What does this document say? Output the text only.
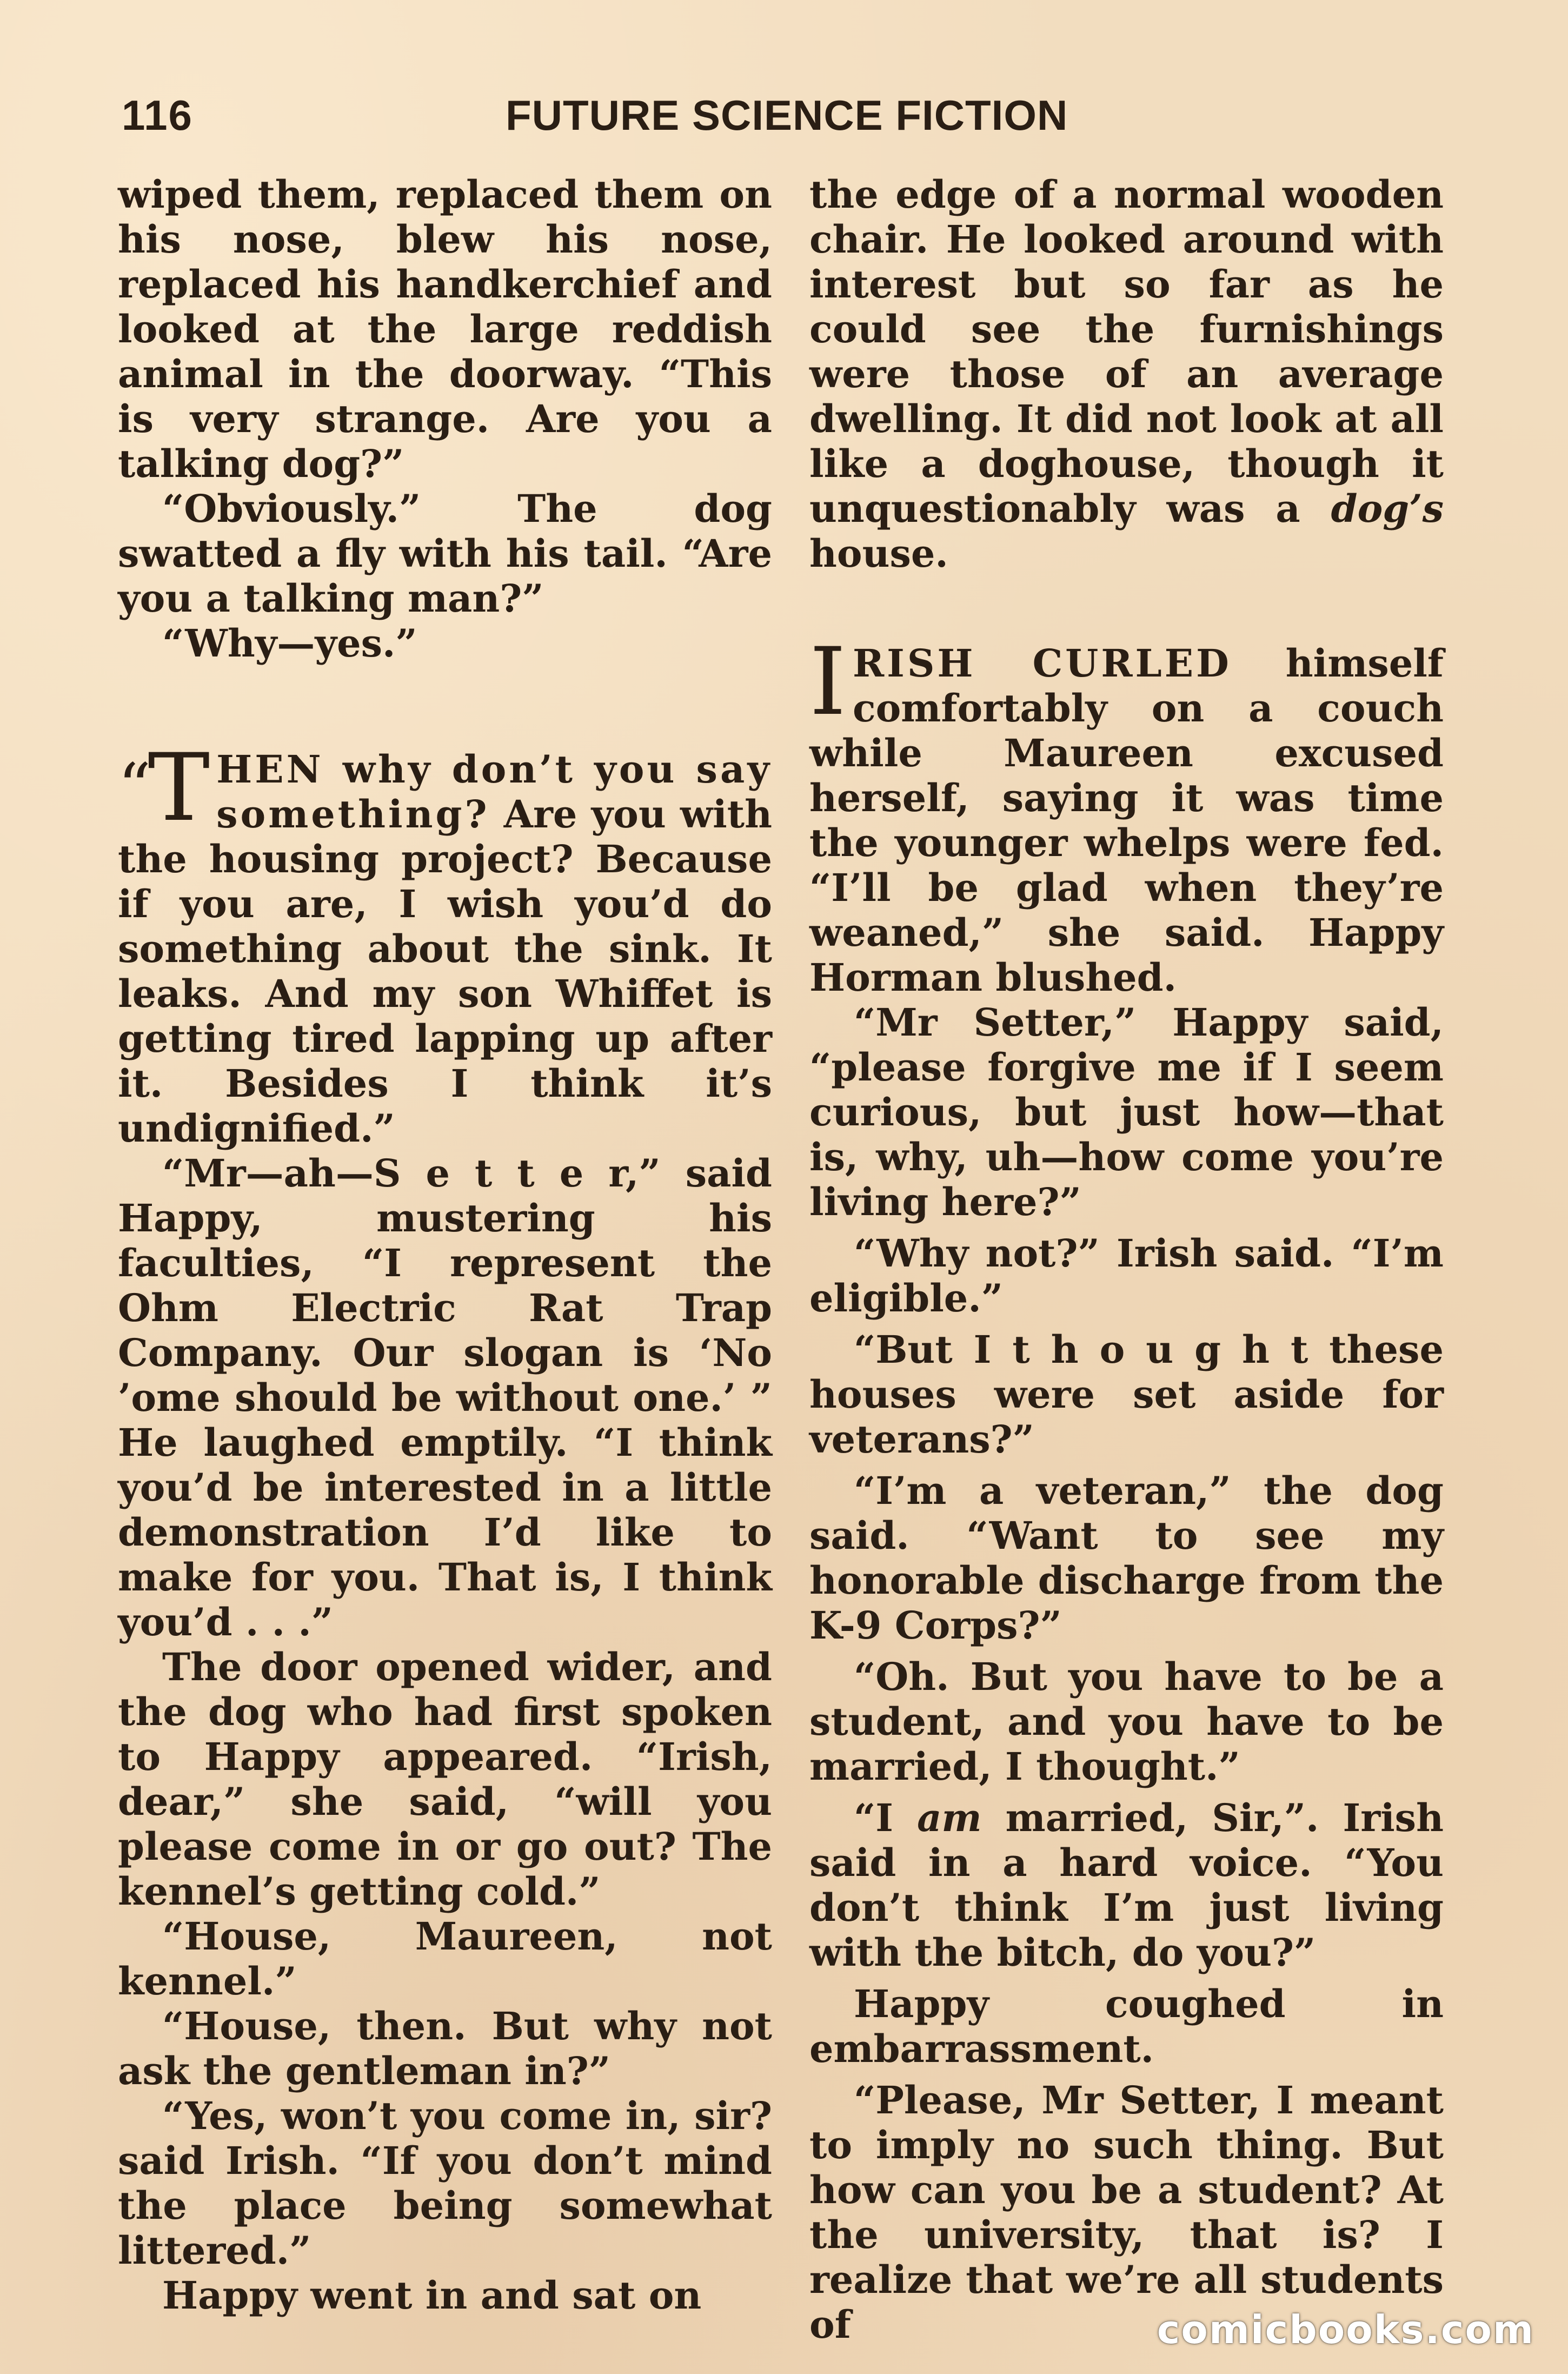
116	FUTURE SCIENCE FICTION

wiped them, replaced them on his nose, blew his nose, replaced his handkerchief and looked at the large reddish animal in the doorway. “This is very strange. Are you a talking dog?”

“Obviously.” The dog swatted a fly with his tail. “Are you a talking man?”

“Why—yes.”

“T HEN why don’t you say something? Are you with the housing project? Because if you are, I wish you’d do something about the sink. It leaks. And my son Whiffet is getting tired lapping up after it. Besides I think it’s undignified.”

“Mr—ah—S e t t e r,” said Happy, mustering his faculties, “I represent the Ohm Electric Rat Trap Company. Our slogan is ‘No ’ome should be without one.’ ” He laughed emptily. “I think you’d be interested in a little demonstration I’d like to make for you. That is, I think you’d . . .”

The door opened wider, and the dog who had first spoken to Happy appeared. “Irish, dear,” she said, “will you please come in or go out? The kennel’s getting cold.”

“House, Maureen, not kennel.”

“House, then. But why not ask the gentleman in?”

“Yes, won’t you come in, sir? said Irish. “If you don’t mind the place being somewhat littered.”

Happy went in and sat on

the edge of a normal wooden chair. He looked around with interest but so far as he could see the furnishings were those of an average dwelling. It did not look at all like a doghouse, though it unquestionably was a dog’s house.

IRISH CURLED himself comfortably on a couch while Maureen excused herself, saying it was time the younger whelps were fed. “I’ll be glad when they’re weaned,” she said. Happy Horman blushed.

“Mr Setter,” Happy said, “please forgive me if I seem curious, but just how—that is, why, uh—how come you’re living here?”

“Why not?” Irish said. “I’m eligible.”

“But I t h o u g h t these houses were set aside for veterans?”

“I’m a veteran,” the dog said. “Want to see my honorable discharge from the K-9 Corps?”

“Oh. But you have to be a student, and you have to be married, I thought.”

“I am married, Sir,”. Irish said in a hard voice. “You don’t think I’m just living with the bitch, do you?”

Happy coughed in embarrassment.

“Please, Mr Setter, I meant to imply no such thing. But how can you be a student? At the university, that is? I realize that we’re all students of	comicbooks.com
